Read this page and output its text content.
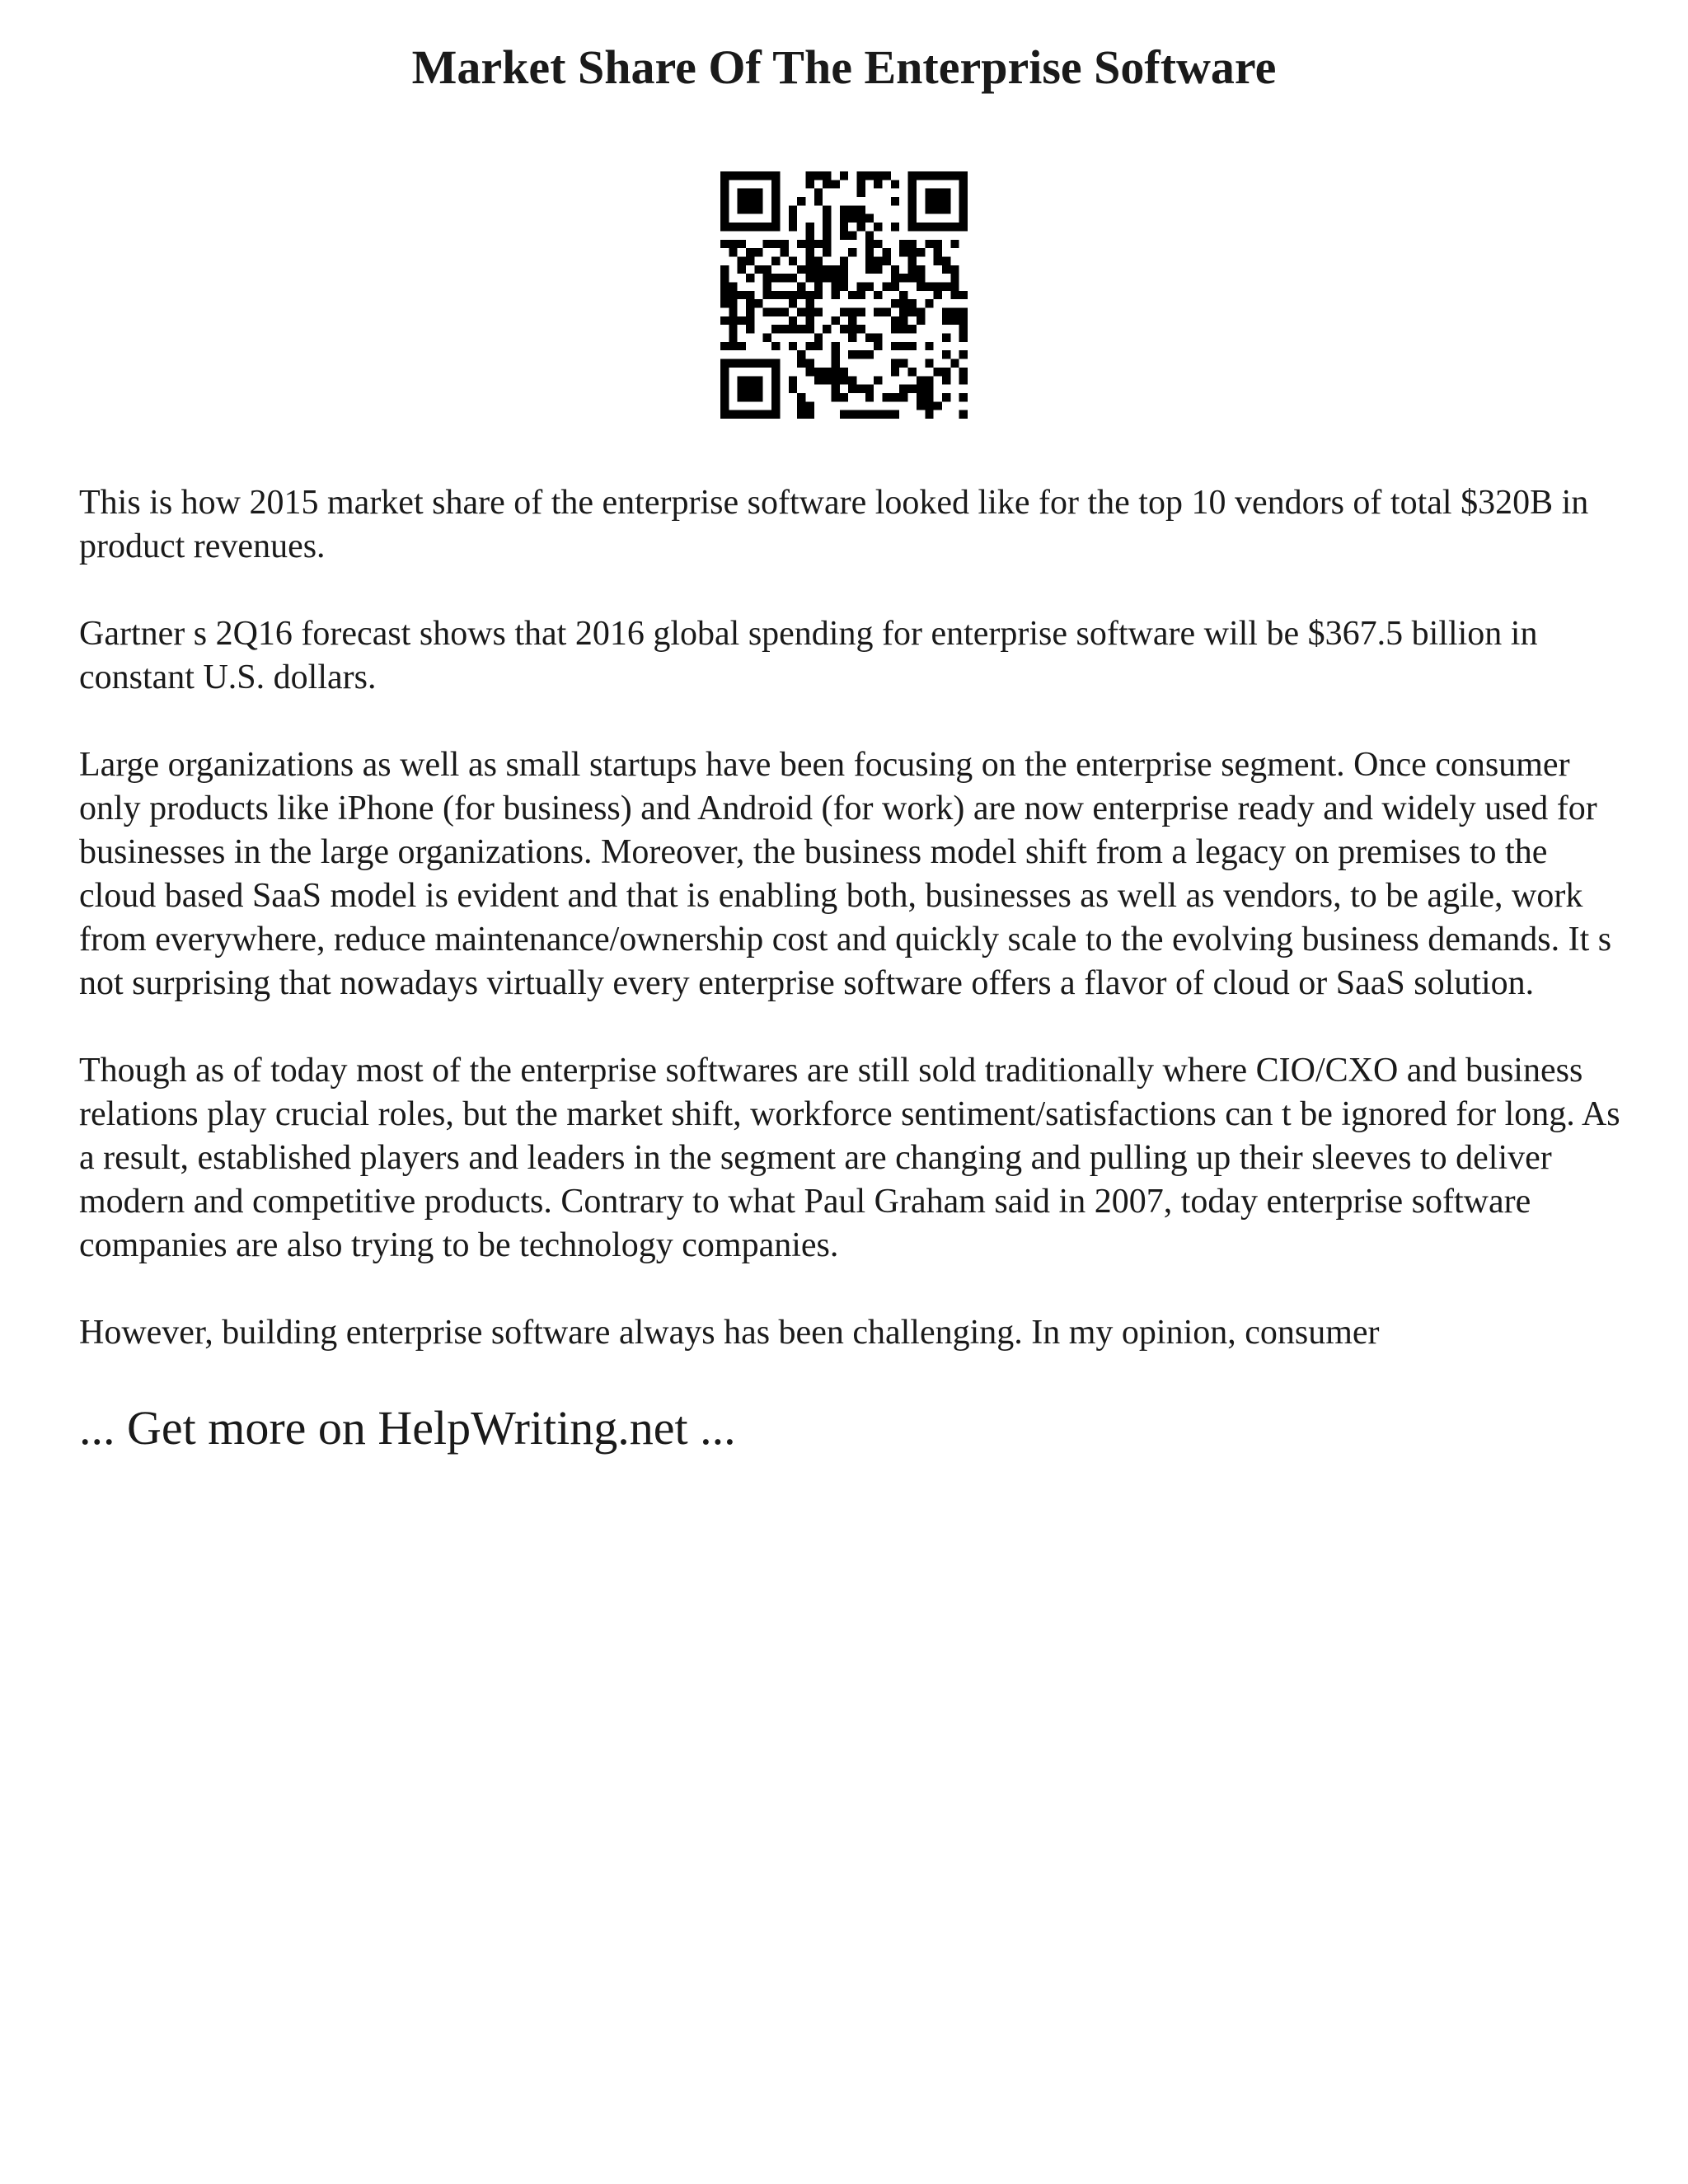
Market Share Of The Enterprise Software

This is how 2015 market share of the enterprise software looked like for the top 10 vendors of total $320B in product revenues.

Gartner s 2Q16 forecast shows that 2016 global spending for enterprise software will be $367.5 billion in constant U.S. dollars.

Large organizations as well as small startups have been focusing on the enterprise segment. Once consumer only products like iPhone (for business) and Android (for work) are now enterprise ready and widely used for businesses in the large organizations. Moreover, the business model shift from a legacy on premises to the cloud based SaaS model is evident and that is enabling both, businesses as well as vendors, to be agile, work from everywhere, reduce maintenance/ownership cost and quickly scale to the evolving business demands. It s not surprising that nowadays virtually every enterprise software offers a flavor of cloud or SaaS solution.

Though as of today most of the enterprise softwares are still sold traditionally where CIO/CXO and business relations play crucial roles, but the market shift, workforce sentiment/satisfactions can t be ignored for long. As a result, established players and leaders in the segment are changing and pulling up their sleeves to deliver modern and competitive products. Contrary to what Paul Graham said in 2007, today enterprise software companies are also trying to be technology companies.

However, building enterprise software always has been challenging. In my opinion, consumer

... Get more on HelpWriting.net ...
